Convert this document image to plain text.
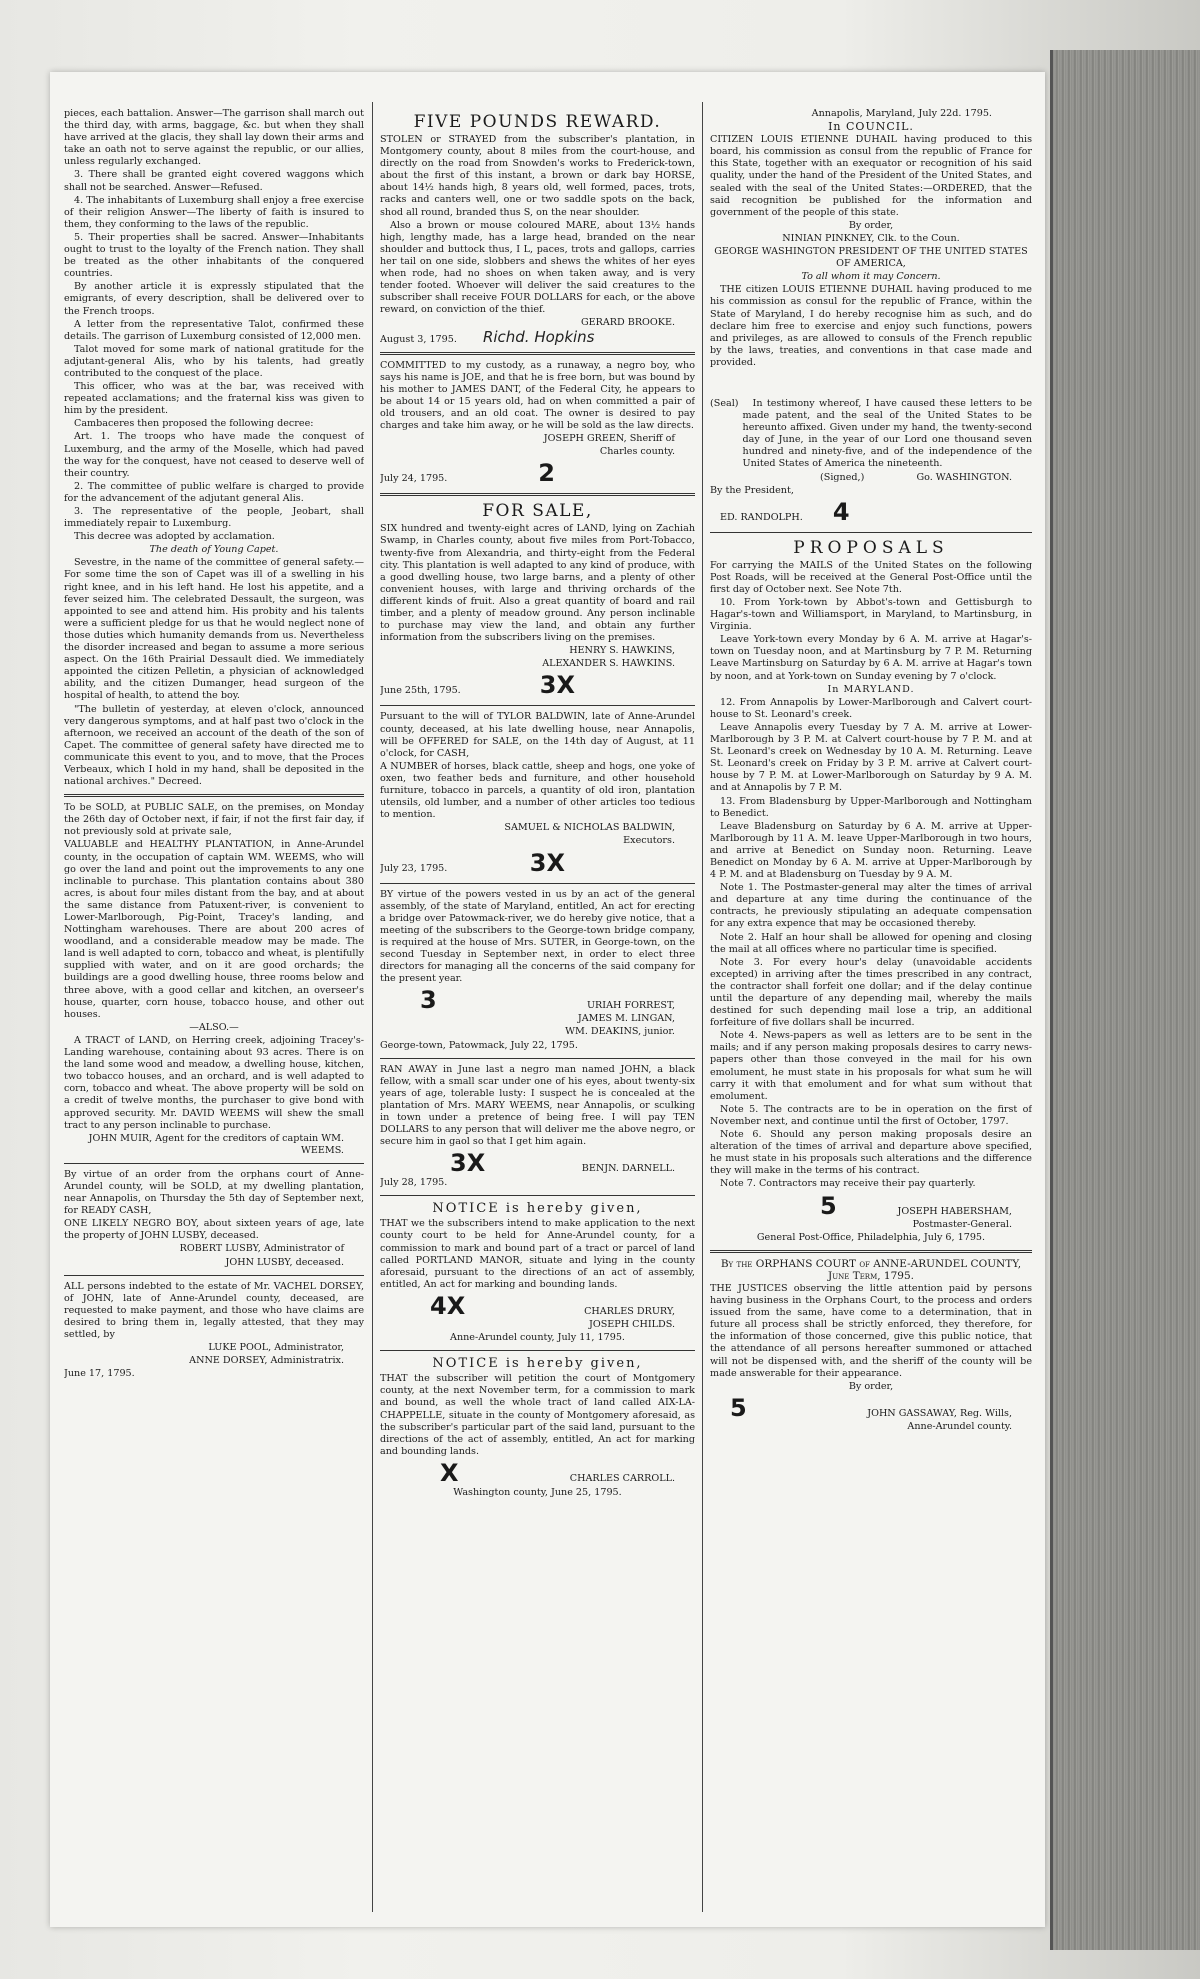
pieces, each battalion. Answer—The garrison shall march out the third day, with arms, baggage, &c. but when they shall have arrived at the glacis, they shall lay down their arms and take an oath not to serve against the republic, or our allies, unless regularly exchanged.

3. There shall be granted eight covered waggons which shall not be searched. Answer—Refused.

4. The inhabitants of Luxemburg shall enjoy a free exercise of their religion Answer—The liberty of faith is insured to them, they conforming to the laws of the republic.

5. Their properties shall be sacred. Answer—Inhabitants ought to trust to the loyalty of the French nation. They shall be treated as the other inhabitants of the conquered countries.

By another article it is expressly stipulated that the emigrants, of every description, shall be delivered over to the French troops.

A letter from the representative Talot, confirmed these details. The garrison of Luxemburg consisted of 12,000 men.

Talot moved for some mark of national gratitude for the adjutant-general Alis, who by his talents, had greatly contributed to the conquest of the place.

This officer, who was at the bar, was received with repeated acclamations; and the fraternal kiss was given to him by the president.

Cambaceres then proposed the following decree:

Art. 1. The troops who have made the conquest of Luxemburg, and the army of the Moselle, which had paved the way for the conquest, have not ceased to deserve well of their country.

2. The committee of public welfare is charged to provide for the advancement of the adjutant general Alis.

3. The representative of the people, Jeobart, shall immediately repair to Luxemburg.

This decree was adopted by acclamation.

The death of Young Capet.

Sevestre, in the name of the committee of general safety.—For some time the son of Capet was ill of a swelling in his right knee, and in his left hand. He lost his appetite, and a fever seized him. The celebrated Dessault, the surgeon, was appointed to see and attend him. His probity and his talents were a sufficient pledge for us that he would neglect none of those duties which humanity demands from us. Nevertheless the disorder increased and began to assume a more serious aspect. On the 16th Prairial Dessault died. We immediately appointed the citizen Pelletin, a physician of acknowledged ability, and the citizen Dumanger, head surgeon of the hospital of health, to attend the boy.

"The bulletin of yesterday, at eleven o'clock, announced very dangerous symptoms, and at half past two o'clock in the afternoon, we received an account of the death of the son of Capet. The committee of general safety have directed me to communicate this event to you, and to move, that the Proces Verbeaux, which I hold in my hand, shall be deposited in the national archives." Decreed.

To be SOLD, at PUBLIC SALE, on the premises, on Monday the 26th day of October next, if fair, if not the first fair day, if not previously sold at private sale,

VALUABLE and HEALTHY PLANTATION, in Anne-Arundel county, in the occupation of captain WM. WEEMS, who will go over the land and point out the improvements to any one inclinable to purchase. This plantation contains about 380 acres, is about four miles distant from the bay, and at about the same distance from Patuxent-river, is convenient to Lower-Marlborough, Pig-Point, Tracey's landing, and Nottingham warehouses. There are about 200 acres of woodland, and a considerable meadow may be made. The land is well adapted to corn, tobacco and wheat, is plentifully supplied with water, and on it are good orchards; the buildings are a good dwelling house, three rooms below and three above, with a good cellar and kitchen, an overseer's house, quarter, corn house, tobacco house, and other out houses.

—ALSO.—

A TRACT of LAND, on Herring creek, adjoining Tracey's-Landing warehouse, containing about 93 acres. There is on the land some wood and meadow, a dwelling house, kitchen, two tobacco houses, and an orchard, and is well adapted to corn, tobacco and wheat. The above property will be sold on a credit of twelve months, the purchaser to give bond with approved security. Mr. DAVID WEEMS will shew the small tract to any person inclinable to purchase.

JOHN MUIR, Agent for the creditors of captain WM. WEEMS.

By virtue of an order from the orphans court of Anne-Arundel county, will be SOLD, at my dwelling plantation, near Annapolis, on Thursday the 5th day of September next, for READY CASH,

ONE LIKELY NEGRO BOY, about sixteen years of age, late the property of JOHN LUSBY, deceased.

ROBERT LUSBY, Administrator of

JOHN LUSBY, deceased.

ALL persons indebted to the estate of Mr. VACHEL DORSEY, of JOHN, late of Anne-Arundel county, deceased, are requested to make payment, and those who have claims are desired to bring them in, legally attested, that they may settled, by

LUKE POOL, Administrator,

ANNE DORSEY, Administratrix.

June 17, 1795.

FIVE POUNDS REWARD.

STOLEN or STRAYED from the subscriber's plantation, in Montgomery county, about 8 miles from the court-house, and directly on the road from Snowden's works to Frederick-town, about the first of this instant, a brown or dark bay HORSE, about 14½ hands high, 8 years old, well formed, paces, trots, racks and canters well, one or two saddle spots on the back, shod all round, branded thus S, on the near shoulder.

Also a brown or mouse coloured MARE, about 13½ hands high, lengthy made, has a large head, branded on the near shoulder and buttock thus, I L, paces, trots and gallops, carries her tail on one side, slobbers and shews the whites of her eyes when rode, had no shoes on when taken away, and is very tender footed. Whoever will deliver the said creatures to the subscriber shall receive FOUR DOLLARS for each, or the above reward, on conviction of the thief.

GERARD BROOKE.

August 3, 1795. Richd. Hopkins

COMMITTED to my custody, as a runaway, a negro boy, who says his name is JOE, and that he is free born, but was bound by his mother to JAMES DANT, of the Federal City, he appears to be about 14 or 15 years old, had on when committed a pair of old trousers, and an old coat. The owner is desired to pay charges and take him away, or he will be sold as the law directs.

JOSEPH GREEN, Sheriff of

Charles county.

July 24, 1795.	2
FOR SALE,

SIX hundred and twenty-eight acres of LAND, lying on Zachiah Swamp, in Charles county, about five miles from Port-Tobacco, twenty-five from Alexandria, and thirty-eight from the Federal city. This plantation is well adapted to any kind of produce, with a good dwelling house, two large barns, and a plenty of other convenient houses, with large and thriving orchards of the different kinds of fruit. Also a great quantity of board and rail timber, and a plenty of meadow ground. Any person inclinable to purchase may view the land, and obtain any further information from the subscribers living on the premises.

HENRY S. HAWKINS,

ALEXANDER S. HAWKINS.

June 25th, 1795.	3X

Pursuant to the will of TYLOR BALDWIN, late of Anne-Arundel county, deceased, at his late dwelling house, near Annapolis, will be OFFERED for SALE, on the 14th day of August, at 11 o'clock, for CASH,

A NUMBER of horses, black cattle, sheep and hogs, one yoke of oxen, two feather beds and furniture, and other household furniture, tobacco in parcels, a quantity of old iron, plantation utensils, old lumber, and a number of other articles too tedious to mention.

SAMUEL & NICHOLAS BALDWIN,

Executors.

July 23, 1795.	3X

BY virtue of the powers vested in us by an act of the general assembly, of the state of Maryland, entitled, An act for erecting a bridge over Patowmack-river, we do hereby give notice, that a meeting of the subscribers to the George-town bridge company, is required at the house of Mrs. SUTER, in George-town, on the second Tuesday in September next, in order to elect three directors for managing all the concerns of the said company for the present year.

3	URIAH FORREST,

JAMES M. LINGAN,

WM. DEAKINS, junior.

George-town, Patowmack, July 22, 1795.

RAN AWAY in June last a negro man named JOHN, a black fellow, with a small scar under one of his eyes, about twenty-six years of age, tolerable lusty: I suspect he is concealed at the plantation of Mrs. MARY WEEMS, near Annapolis, or sculking in town under a pretence of being free. I will pay TEN DOLLARS to any person that will deliver me the above negro, or secure him in gaol so that I get him again.

3X	BENJN. DARNELL.

July 28, 1795.

NOTICE is hereby given,

THAT we the subscribers intend to make application to the next county court to be held for Anne-Arundel county, for a commission to mark and bound part of a tract or parcel of land called PORTLAND MANOR, situate and lying in the county aforesaid, pursuant to the directions of an act of assembly, entitled, An act for marking and bounding lands.

4X	CHARLES DRURY,

JOSEPH CHILDS.

Anne-Arundel county, July 11, 1795.

NOTICE is hereby given,

THAT the subscriber will petition the court of Montgomery county, at the next November term, for a commission to mark and bound, as well the whole tract of land called AIX-LA-CHAPPELLE, situate in the county of Montgomery aforesaid, as the subscriber's particular part of the said land, pursuant to the directions of the act of assembly, entitled, An act for marking and bounding lands.

X	CHARLES CARROLL.

Washington county, June 25, 1795.

Annapolis, Maryland, July 22d. 1795.

In COUNCIL.

CITIZEN LOUIS ETIENNE DUHAIL having produced to this board, his commission as consul from the republic of France for this State, together with an exequator or recognition of his said quality, under the hand of the President of the United States, and sealed with the seal of the United States:—ORDERED, that the said recognition be published for the information and government of the people of this state.

By order,

NINIAN PINKNEY, Clk. to the Coun.

GEORGE WASHINGTON PRESIDENT OF THE UNITED STATES OF AMERICA,

To all whom it may Concern.

THE citizen LOUIS ETIENNE DUHAIL having produced to me his commission as consul for the republic of France, within the State of Maryland, I do hereby recognise him as such, and do declare him free to exercise and enjoy such functions, powers and privileges, as are allowed to consuls of the French republic by the laws, treaties, and conventions in that case made and provided.

(Seal)	In testimony whereof, I have caused these letters to be made patent, and the seal of the United States to be hereunto affixed. Given under my hand, the twenty-second day of June, in the year of our Lord one thousand seven hundred and ninety-five, and of the independence of the United States of America the nineteenth.

(Signed,)	Go. WASHINGTON.

By the President,

ED. RANDOLPH. 4
PROPOSALS

For carrying the MAILS of the United States on the following Post Roads, will be received at the General Post-Office until the first day of October next. See Note 7th.

10. From York-town by Abbot's-town and Gettisburgh to Hagar's-town and Williamsport, in Maryland, to Martinsburg, in Virginia.

Leave York-town every Monday by 6 A. M. arrive at Hagar's-town on Tuesday noon, and at Martinsburg by 7 P. M. Returning Leave Martinsburg on Saturday by 6 A. M. arrive at Hagar's town by noon, and at York-town on Sunday evening by 7 o'clock.

In MARYLAND.

12. From Annapolis by Lower-Marlborough and Calvert court-house to St. Leonard's creek.

Leave Annapolis every Tuesday by 7 A. M. arrive at Lower-Marlborough by 3 P. M. at Calvert court-house by 7 P. M. and at St. Leonard's creek on Wednesday by 10 A. M. Returning. Leave St. Leonard's creek on Friday by 3 P. M. arrive at Calvert court-house by 7 P. M. at Lower-Marlborough on Saturday by 9 A. M. and at Annapolis by 7 P. M.

13. From Bladensburg by Upper-Marlborough and Nottingham to Benedict.

Leave Bladensburg on Saturday by 6 A. M. arrive at Upper-Marlborough by 11 A. M. leave Upper-Marlborough in two hours, and arrive at Benedict on Sunday noon. Returning. Leave Benedict on Monday by 6 A. M. arrive at Upper-Marlborough by 4 P. M. and at Bladensburg on Tuesday by 9 A. M.

Note 1. The Postmaster-general may alter the times of arrival and departure at any time during the continuance of the contracts, he previously stipulating an adequate compensation for any extra expence that may be occasioned thereby.

Note 2. Half an hour shall be allowed for opening and closing the mail at all offices where no particular time is specified.

Note 3. For every hour's delay (unavoidable accidents excepted) in arriving after the times prescribed in any contract, the contractor shall forfeit one dollar; and if the delay continue until the departure of any depending mail, whereby the mails destined for such depending mail lose a trip, an additional forfeiture of five dollars shall be incurred.

Note 4. News-papers as well as letters are to be sent in the mails; and if any person making proposals desires to carry news-papers other than those conveyed in the mail for his own emolument, he must state in his proposals for what sum he will carry it with that emolument and for what sum without that emolument.

Note 5. The contracts are to be in operation on the first of November next, and continue until the first of October, 1797.

Note 6. Should any person making proposals desire an alteration of the times of arrival and departure above specified, he must state in his proposals such alterations and the difference they will make in the terms of his contract.

Note 7. Contractors may receive their pay quarterly.

5	JOSEPH HABERSHAM,

Postmaster-General.

General Post-Office, Philadelphia, July 6, 1795.

By the ORPHANS COURT of ANNE-ARUNDEL COUNTY, June Term, 1795.

THE JUSTICES observing the little attention paid by persons having business in the Orphans Court, to the process and orders issued from the same, have come to a determination, that in future all process shall be strictly enforced, they therefore, for the information of those concerned, give this public notice, that the attendance of all persons hereafter summoned or attached will not be dispensed with, and the sheriff of the county will be made answerable for their appearance.

By order,

5	JOHN GASSAWAY, Reg. Wills,

Anne-Arundel county.
